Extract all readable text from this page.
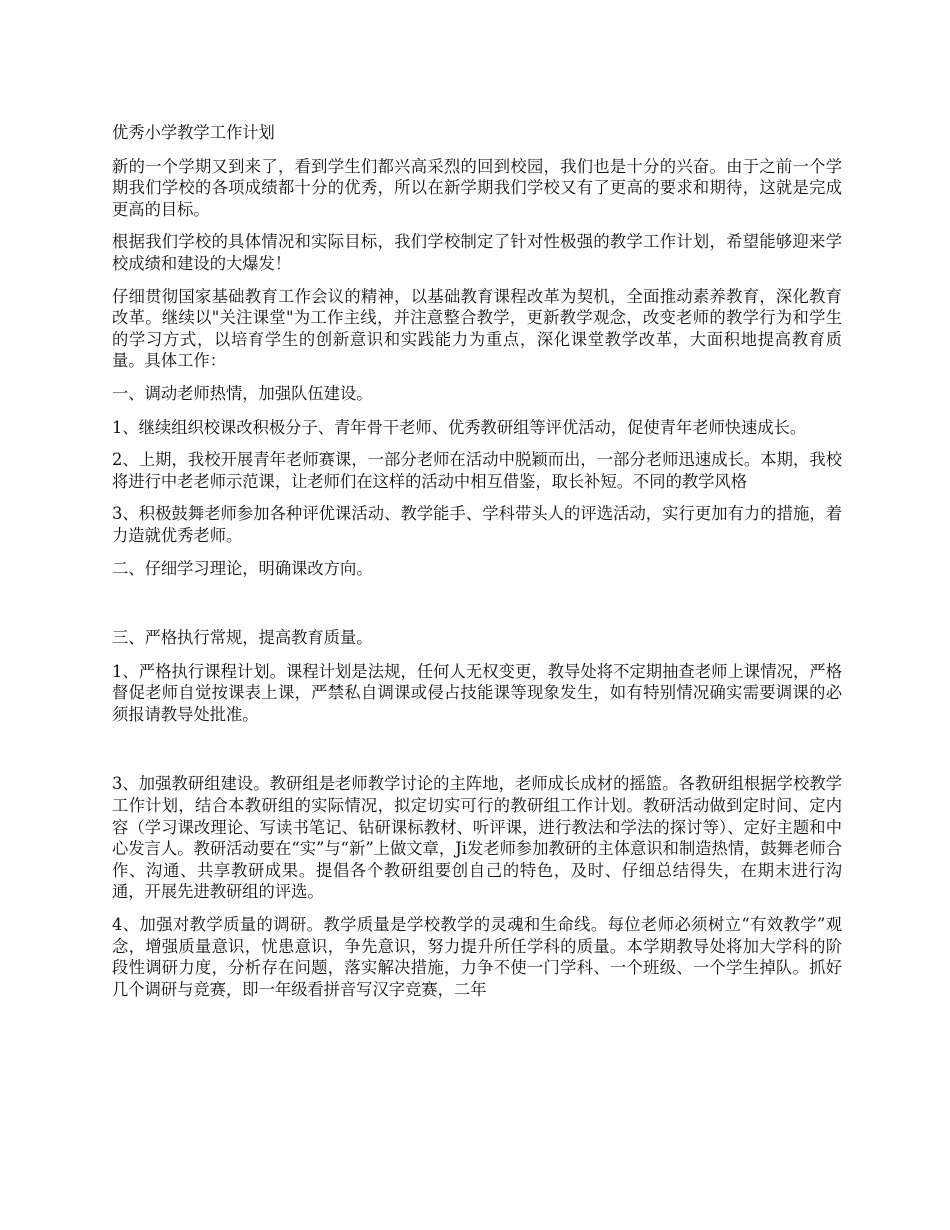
优秀小学教学工作计划

新的一个学期又到来了，看到学生们都兴高采烈的回到校园，我们也是十分的兴奋。由于之前一个学期我们学校的各项成绩都十分的优秀，所以在新学期我们学校又有了更高的要求和期待，这就是完成更高的目标。

根据我们学校的具体情况和实际目标，我们学校制定了针对性极强的教学工作计划，希望能够迎来学校成绩和建设的大爆发！

仔细贯彻国家基础教育工作会议的精神，以基础教育课程改革为契机，全面推动素养教育，深化教育改革。继续以"关注课堂"为工作主线，并注意整合教学，更新教学观念，改变老师的教学行为和学生的学习方式，以培育学生的创新意识和实践能力为重点，深化课堂教学改革，大面积地提高教育质量。具体工作：

一、调动老师热情，加强队伍建设。

1、继续组织校课改积极分子、青年骨干老师、优秀教研组等评优活动，促使青年老师快速成长。

2、上期，我校开展青年老师赛课，一部分老师在活动中脱颖而出，一部分老师迅速成长。本期，我校将进行中老老师示范课，让老师们在这样的活动中相互借鉴，取长补短。不同的教学风格

3、积极鼓舞老师参加各种评优课活动、教学能手、学科带头人的评选活动，实行更加有力的措施，着力造就优秀老师。

二、仔细学习理论，明确课改方向。

三、严格执行常规，提高教育质量。

1、严格执行课程计划。课程计划是法规，任何人无权变更，教导处将不定期抽查老师上课情况，严格督促老师自觉按课表上课，严禁私自调课或侵占技能课等现象发生，如有特别情况确实需要调课的必须报请教导处批准。

3、加强教研组建设。教研组是老师教学讨论的主阵地，老师成长成材的摇篮。各教研组根据学校教学工作计划，结合本教研组的实际情况，拟定切实可行的教研组工作计划。教研活动做到定时间、定内容（学习课改理论、写读书笔记、钻研课标教材、听评课，进行教法和学法的探讨等）、定好主题和中心发言人。教研活动要在“实”与“新”上做文章，Ji发老师参加教研的主体意识和制造热情，鼓舞老师合作、沟通、共享教研成果。提倡各个教研组要创自己的特色，及时、仔细总结得失，在期末进行沟通，开展先进教研组的评选。

4、加强对教学质量的调研。教学质量是学校教学的灵魂和生命线。每位老师必须树立“有效教学”观念，增强质量意识，忧患意识，争先意识，努力提升所任学科的质量。本学期教导处将加大学科的阶段性调研力度，分析存在问题，落实解决措施，力争不使一门学科、一个班级、一个学生掉队。抓好几个调研与竞赛，即一年级看拼音写汉字竞赛，二年
